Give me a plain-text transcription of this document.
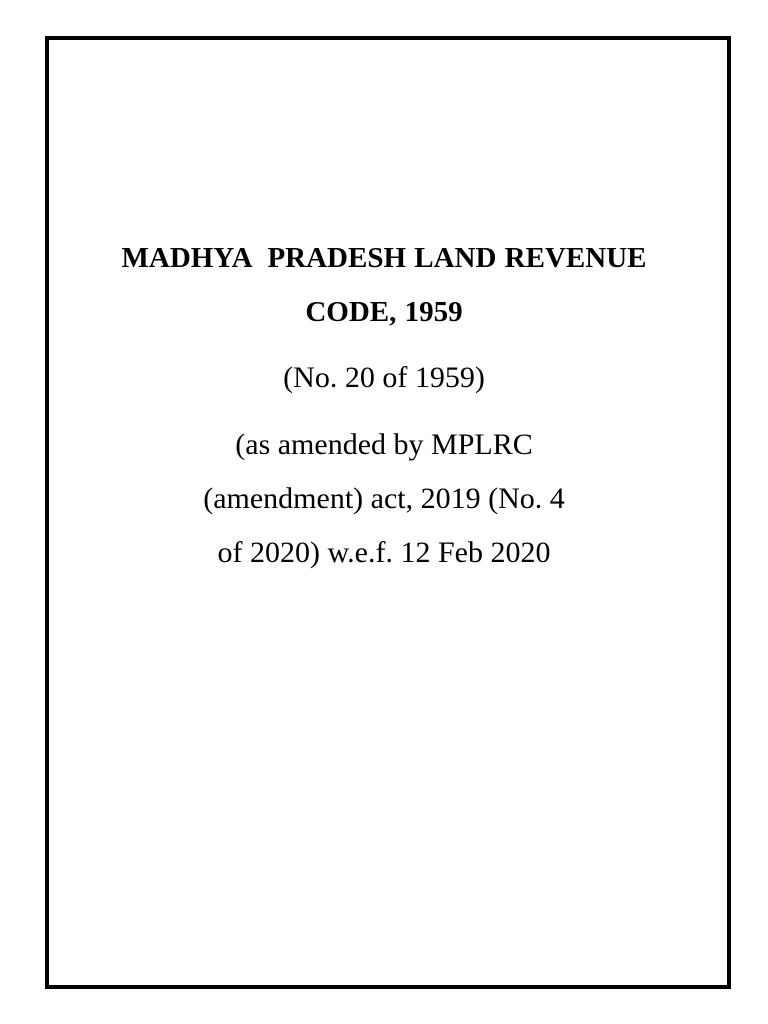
MADHYA  PRADESH LAND REVENUE
CODE, 1959
(No. 20 of 1959)
(as amended by MPLRC
(amendment) act, 2019 (No. 4
of 2020) w.e.f. 12 Feb 2020
